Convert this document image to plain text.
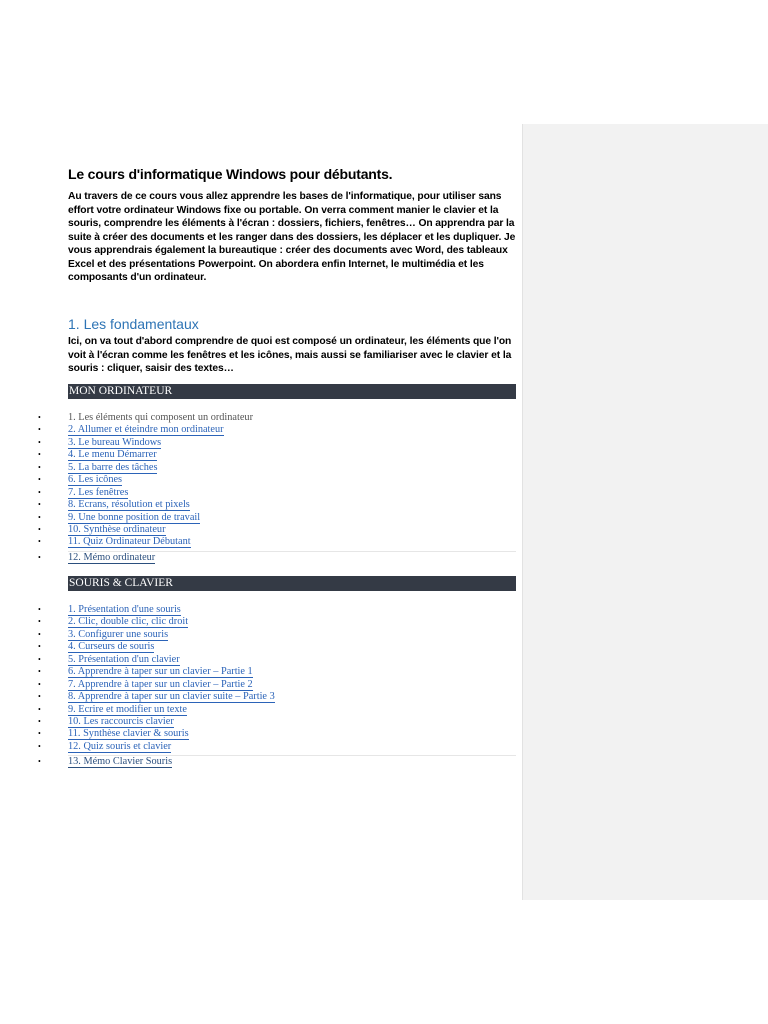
Le cours d'informatique Windows pour débutants.
Au travers de ce cours vous allez apprendre les bases de l'informatique, pour utiliser sans effort votre ordinateur Windows fixe ou portable. On verra comment manier le clavier et la souris, comprendre les éléments à l'écran : dossiers, fichiers, fenêtres… On apprendra par la suite à créer des documents et les ranger dans des dossiers, les déplacer et les dupliquer. Je vous apprendrais également la bureautique : créer des documents avec Word, des tableaux Excel et des présentations Powerpoint. On abordera enfin Internet, le multimédia et les composants d'un ordinateur.
1. Les fondamentaux
Ici, on va tout d'abord comprendre de quoi est composé un ordinateur, les éléments que l'on voit à l'écran comme les fenêtres et les icônes, mais aussi se familiariser avec le clavier et la souris : cliquer, saisir des textes…
MON ORDINATEUR
•	1. Les éléments qui composent un ordinateur
•	2. Allumer et éteindre mon ordinateur
•	3. Le bureau Windows
•	4. Le menu Démarrer
•	5. La barre des tâches
•	6. Les icônes
•	7. Les fenêtres
•	8. Ecrans, résolution et pixels
•	9. Une bonne position de travail
•	10. Synthèse ordinateur
•	11. Quiz Ordinateur Débutant
•	12. Mémo ordinateur
SOURIS & CLAVIER
•	1. Présentation d'une souris
•	2. Clic, double clic, clic droit
•	3. Configurer une souris
•	4. Curseurs de souris
•	5. Présentation d'un clavier
•	6. Apprendre à taper sur un clavier – Partie 1
•	7. Apprendre à taper sur un clavier – Partie 2
•	8. Apprendre à taper sur un clavier suite – Partie 3
•	9. Ecrire et modifier un texte
•	10. Les raccourcis clavier
•	11. Synthèse clavier & souris
•	12. Quiz souris et clavier
•	13. Mémo Clavier Souris
